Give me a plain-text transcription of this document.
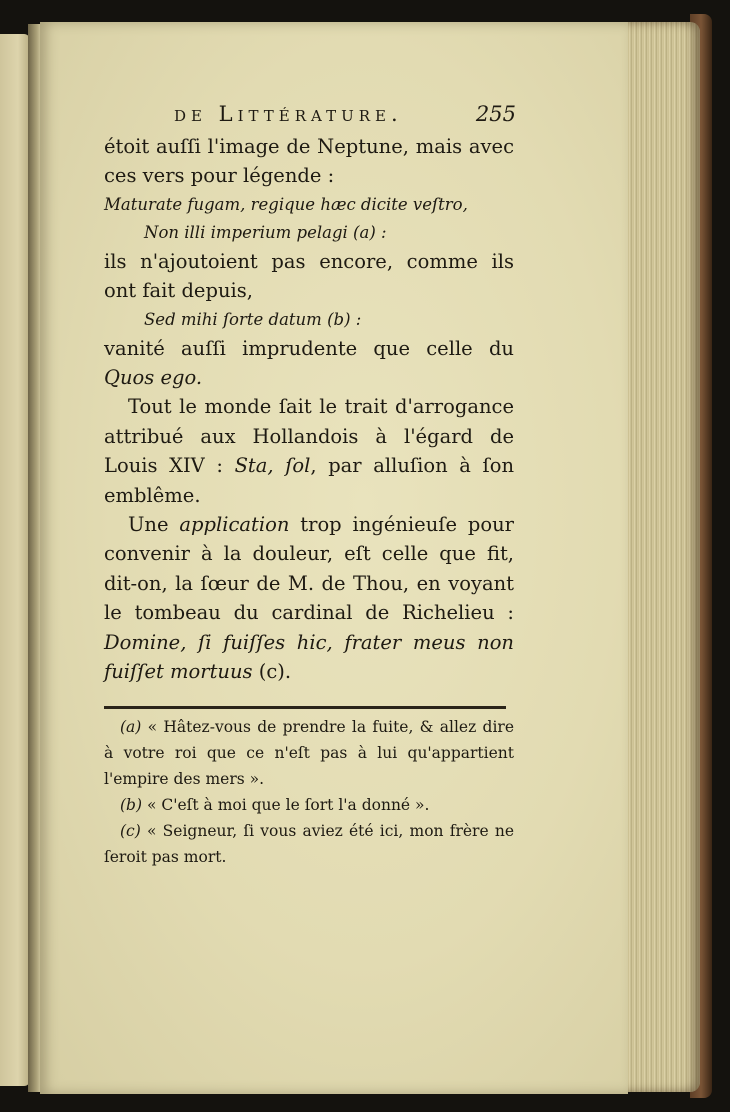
de Littérature.	255

étoit auſſi l'image de Neptune, mais avec ces vers pour légende :

Maturate fugam, regique hæc dicite veſtro,

Non illi imperium pelagi (a) :

ils n'ajoutoient pas encore, comme ils ont fait depuis,

Sed mihi ſorte datum (b) :

vanité auſſi imprudente que celle du Quos ego.

Tout le monde ſait le trait d'arrogance attribué aux Hollandois à l'égard de Louis XIV : Sta, ſol, par alluſion à ſon emblême.

Une application trop ingénieuſe pour convenir à la douleur, eſt celle que fit, dit-on, la ſœur de M. de Thou, en voyant le tombeau du cardinal de Richelieu : Domine, ſi fuiſſes hic, frater meus non fuiſſet mortuus (c).

(a) « Hâtez-vous de prendre la fuite, & allez dire à votre roi que ce n'eſt pas à lui qu'appartient l'empire des mers ».

(b) « C'eſt à moi que le ſort l'a donné ».

(c) « Seigneur, ſi vous aviez été ici, mon frère ne ſeroit pas mort.
